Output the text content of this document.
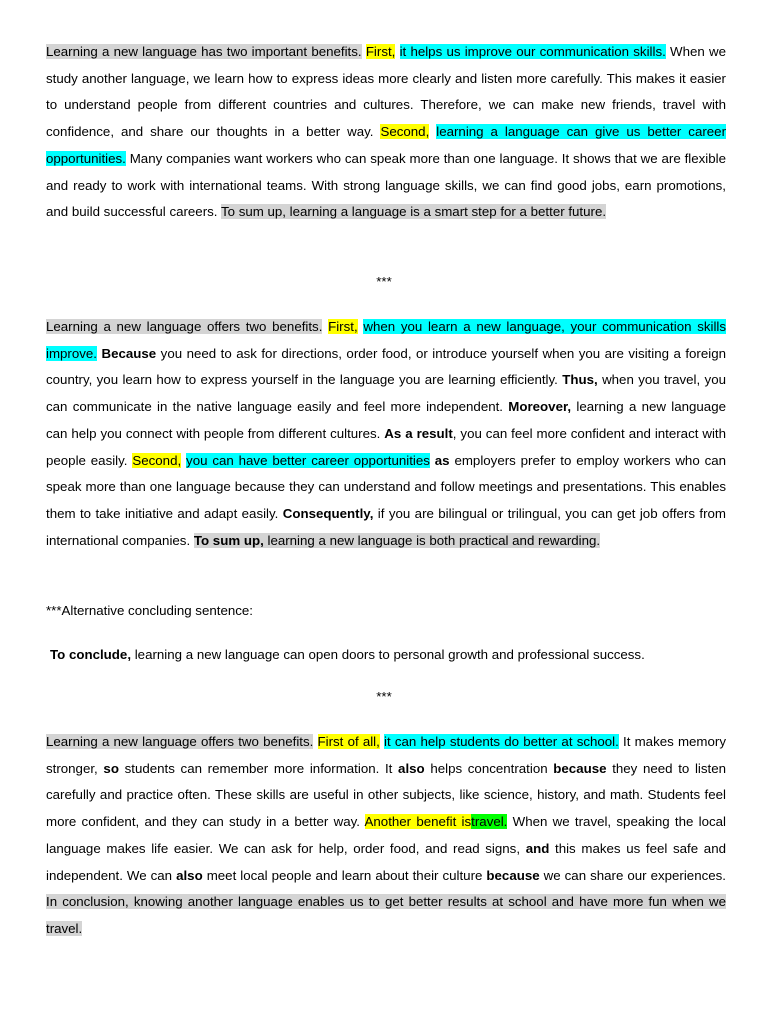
Learning a new language has two important benefits. First, it helps us improve our communication skills. When we study another language, we learn how to express ideas more clearly and listen more carefully. This makes it easier to understand people from different countries and cultures. Therefore, we can make new friends, travel with confidence, and share our thoughts in a better way. Second, learning a language can give us better career opportunities. Many companies want workers who can speak more than one language. It shows that we are flexible and ready to work with international teams. With strong language skills, we can find good jobs, earn promotions, and build successful careers. To sum up, learning a language is a smart step for a better future.

***

Learning a new language offers two benefits. First, when you learn a new language, your communication skills improve. Because you need to ask for directions, order food, or introduce yourself when you are visiting a foreign country, you learn how to express yourself in the language you are learning efficiently. Thus, when you travel, you can communicate in the native language easily and feel more independent. Moreover, learning a new language can help you connect with people from different cultures. As a result, you can feel more confident and interact with people easily. Second, you can have better career opportunities as employers prefer to employ workers who can speak more than one language because they can understand and follow meetings and presentations. This enables them to take initiative and adapt easily. Consequently, if you are bilingual or trilingual, you can get job offers from international companies. To sum up, learning a new language is both practical and rewarding.

***Alternative concluding sentence:

To conclude, learning a new language can open doors to personal growth and professional success.

***

Learning a new language offers two benefits. First of all, it can help students do better at school. It makes memory stronger, so students can remember more information. It also helps concentration because they need to listen carefully and practice often. These skills are useful in other subjects, like science, history, and math. Students feel more confident, and they can study in a better way. Another benefit istravel. When we travel, speaking the local language makes life easier. We can ask for help, order food, and read signs, and this makes us feel safe and independent. We can also meet local people and learn about their culture because we can share our experiences. In conclusion, knowing another language enables us to get better results at school and have more fun when we travel.
